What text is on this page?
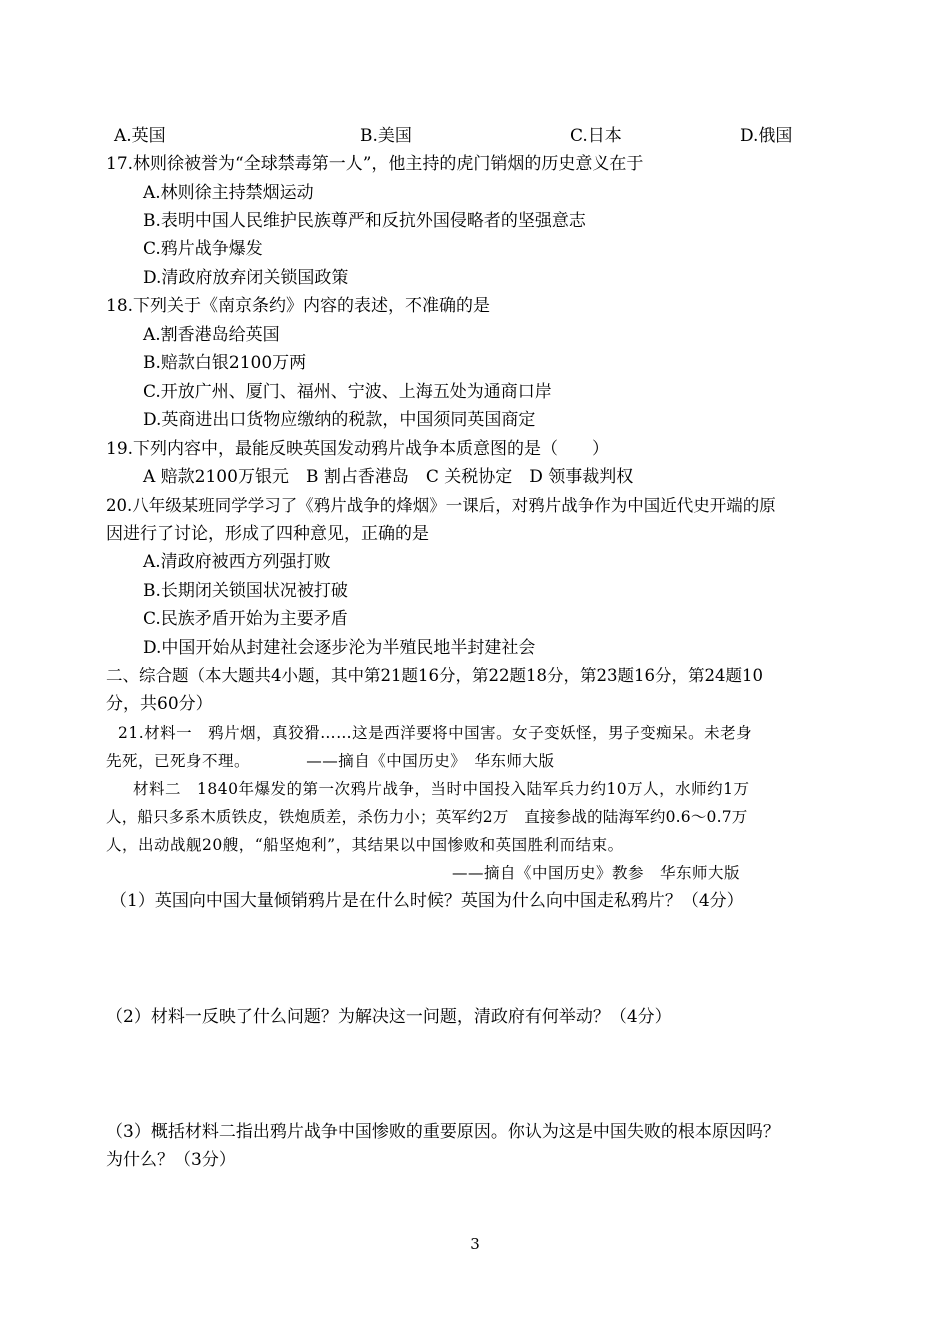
A.英国	B.美国	C.日本	D.俄国
17.林则徐被誉为“全球禁毒第一人”，他主持的虎门销烟的历史意义在于
A.林则徐主持禁烟运动
B.表明中国人民维护民族尊严和反抗外国侵略者的坚强意志
C.鸦片战争爆发
D.清政府放弃闭关锁国政策
18.下列关于《南京条约》内容的表述，不准确的是
A.割香港岛给英国
B.赔款白银2100万两
C.开放广州、厦门、福州、宁波、上海五处为通商口岸
D.英商进出口货物应缴纳的税款，中国须同英国商定
19.下列内容中，最能反映英国发动鸦片战争本质意图的是（　　）
A 赔款2100万银元　B 割占香港岛　C 关税协定　D 领事裁判权
20.八年级某班同学学习了《鸦片战争的烽烟》一课后，对鸦片战争作为中国近代史开端的原
因进行了讨论，形成了四种意见，正确的是
A.清政府被西方列强打败
B.长期闭关锁国状况被打破
C.民族矛盾开始为主要矛盾
D.中国开始从封建社会逐步沦为半殖民地半封建社会
二、综合题（本大题共4小题，其中第21题16分，第22题18分，第23题16分，第24题10
分，共60分）
21.材料一　鸦片烟，真狡猾……这是西洋要将中国害。女子变妖怪，男子变痴呆。未老身
先死，已死身不理。　　　　——摘自《中国历史》　华东师大版
材料二　1840年爆发的第一次鸦片战争，当时中国投入陆军兵力约10万人，水师约1万
人，船只多系木质铁皮，铁炮质差，杀伤力小；英军约2万　直接参战的陆海军约0.6～0.7万
人，出动战舰20艘，“船坚炮利”，其结果以中国惨败和英国胜利而结束。
——摘自《中国历史》教参　华东师大版
（1）英国向中国大量倾销鸦片是在什么时候？英国为什么向中国走私鸦片？（4分）
（2）材料一反映了什么问题？为解决这一问题，清政府有何举动？（4分）
（3）概括材料二指出鸦片战争中国惨败的重要原因。你认为这是中国失败的根本原因吗？
为什么？（3分）
3
